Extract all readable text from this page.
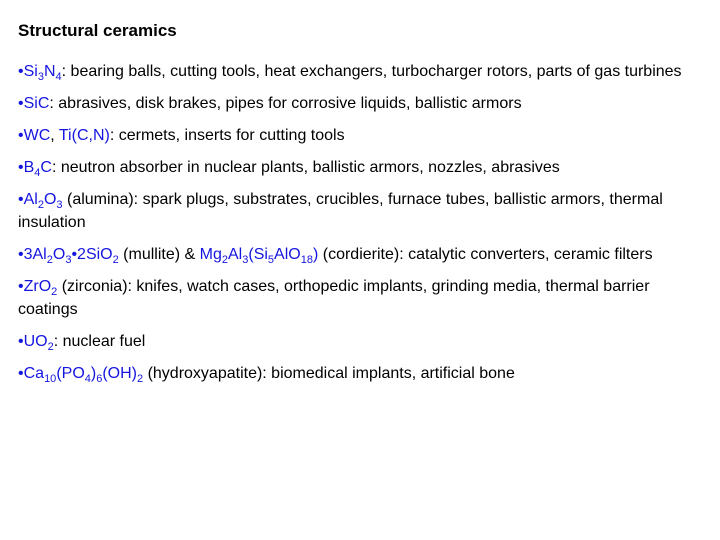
Structural ceramics
$•Si_3N_4$: bearing balls, cutting tools, heat exchangers, turbocharger rotors, parts of gas turbines
•SiC: abrasives, disk brakes, pipes for corrosive liquids, ballistic armors
•WC, Ti(C,N): cermets, inserts for cutting tools
$•B_4C$: neutron absorber in nuclear plants, ballistic armors, nozzles, abrasives
$•Al_2O_3$ (alumina): spark plugs, substrates, crucibles, furnace tubes, ballistic armors, thermal insulation
$•3Al_2O_3•2SiO_2$ (mullite) & $Mg_2Al_3(Si_5AlO_{18})$ (cordierite): catalytic converters, ceramic filters
•ZrO$_2$ (zirconia): knifes, watch cases, orthopedic implants, grinding media, thermal barrier coatings
$•UO_2$: nuclear fuel
$•Ca_{10}(PO_4)_6(OH)_2$ (hydroxyapatite): biomedical implants, artificial bone
